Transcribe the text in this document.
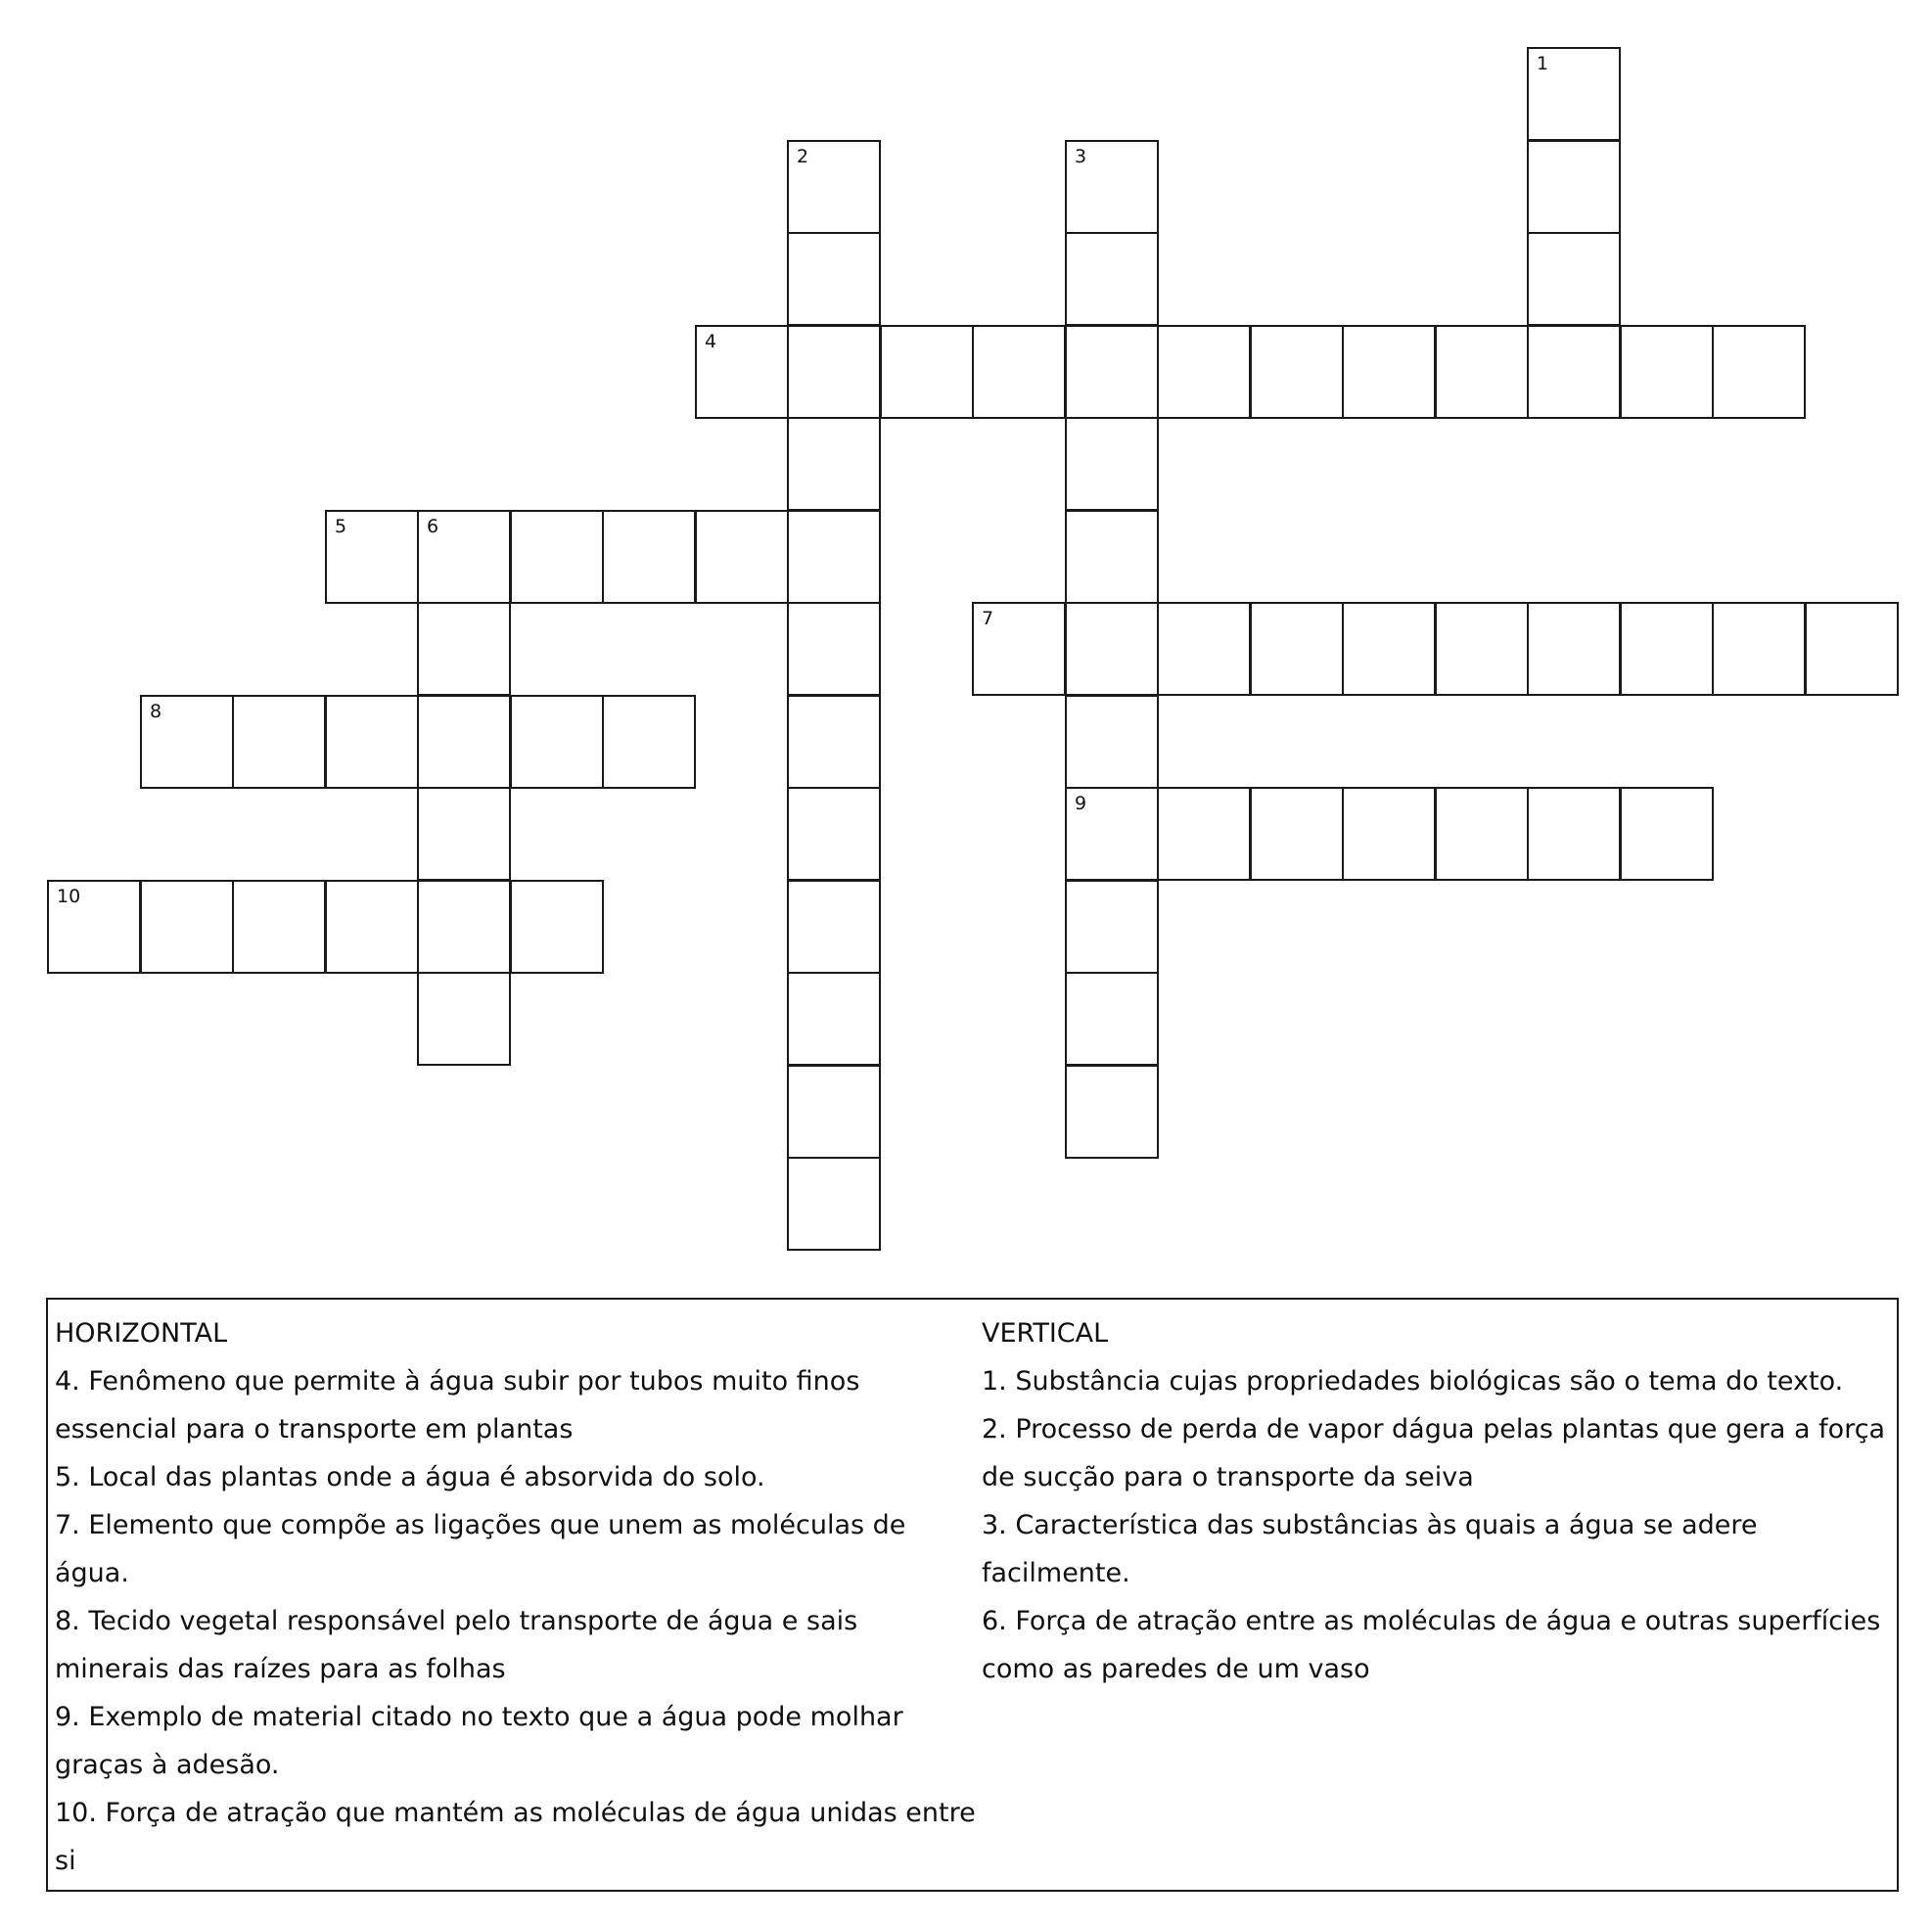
1
2	3
9
4
5	6
7
8
10

HORIZONTAL

4. Fenômeno que permite à água subir por tubos muito finos essencial para o transporte em plantas

5. Local das plantas onde a água é absorvida do solo.

7. Elemento que compõe as ligações que unem as moléculas de água.

8. Tecido vegetal responsável pelo transporte de água e sais minerais das raízes para as folhas

9. Exemplo de material citado no texto que a água pode molhar graças à adesão.

10. Força de atração que mantém as moléculas de água unidas entre si

VERTICAL

1. Substância cujas propriedades biológicas são o tema do texto.

2. Processo de perda de vapor dágua pelas plantas que gera a força de sucção para o transporte da seiva

3. Característica das substâncias às quais a água se adere facilmente.

6. Força de atração entre as moléculas de água e outras superfícies como as paredes de um vaso
